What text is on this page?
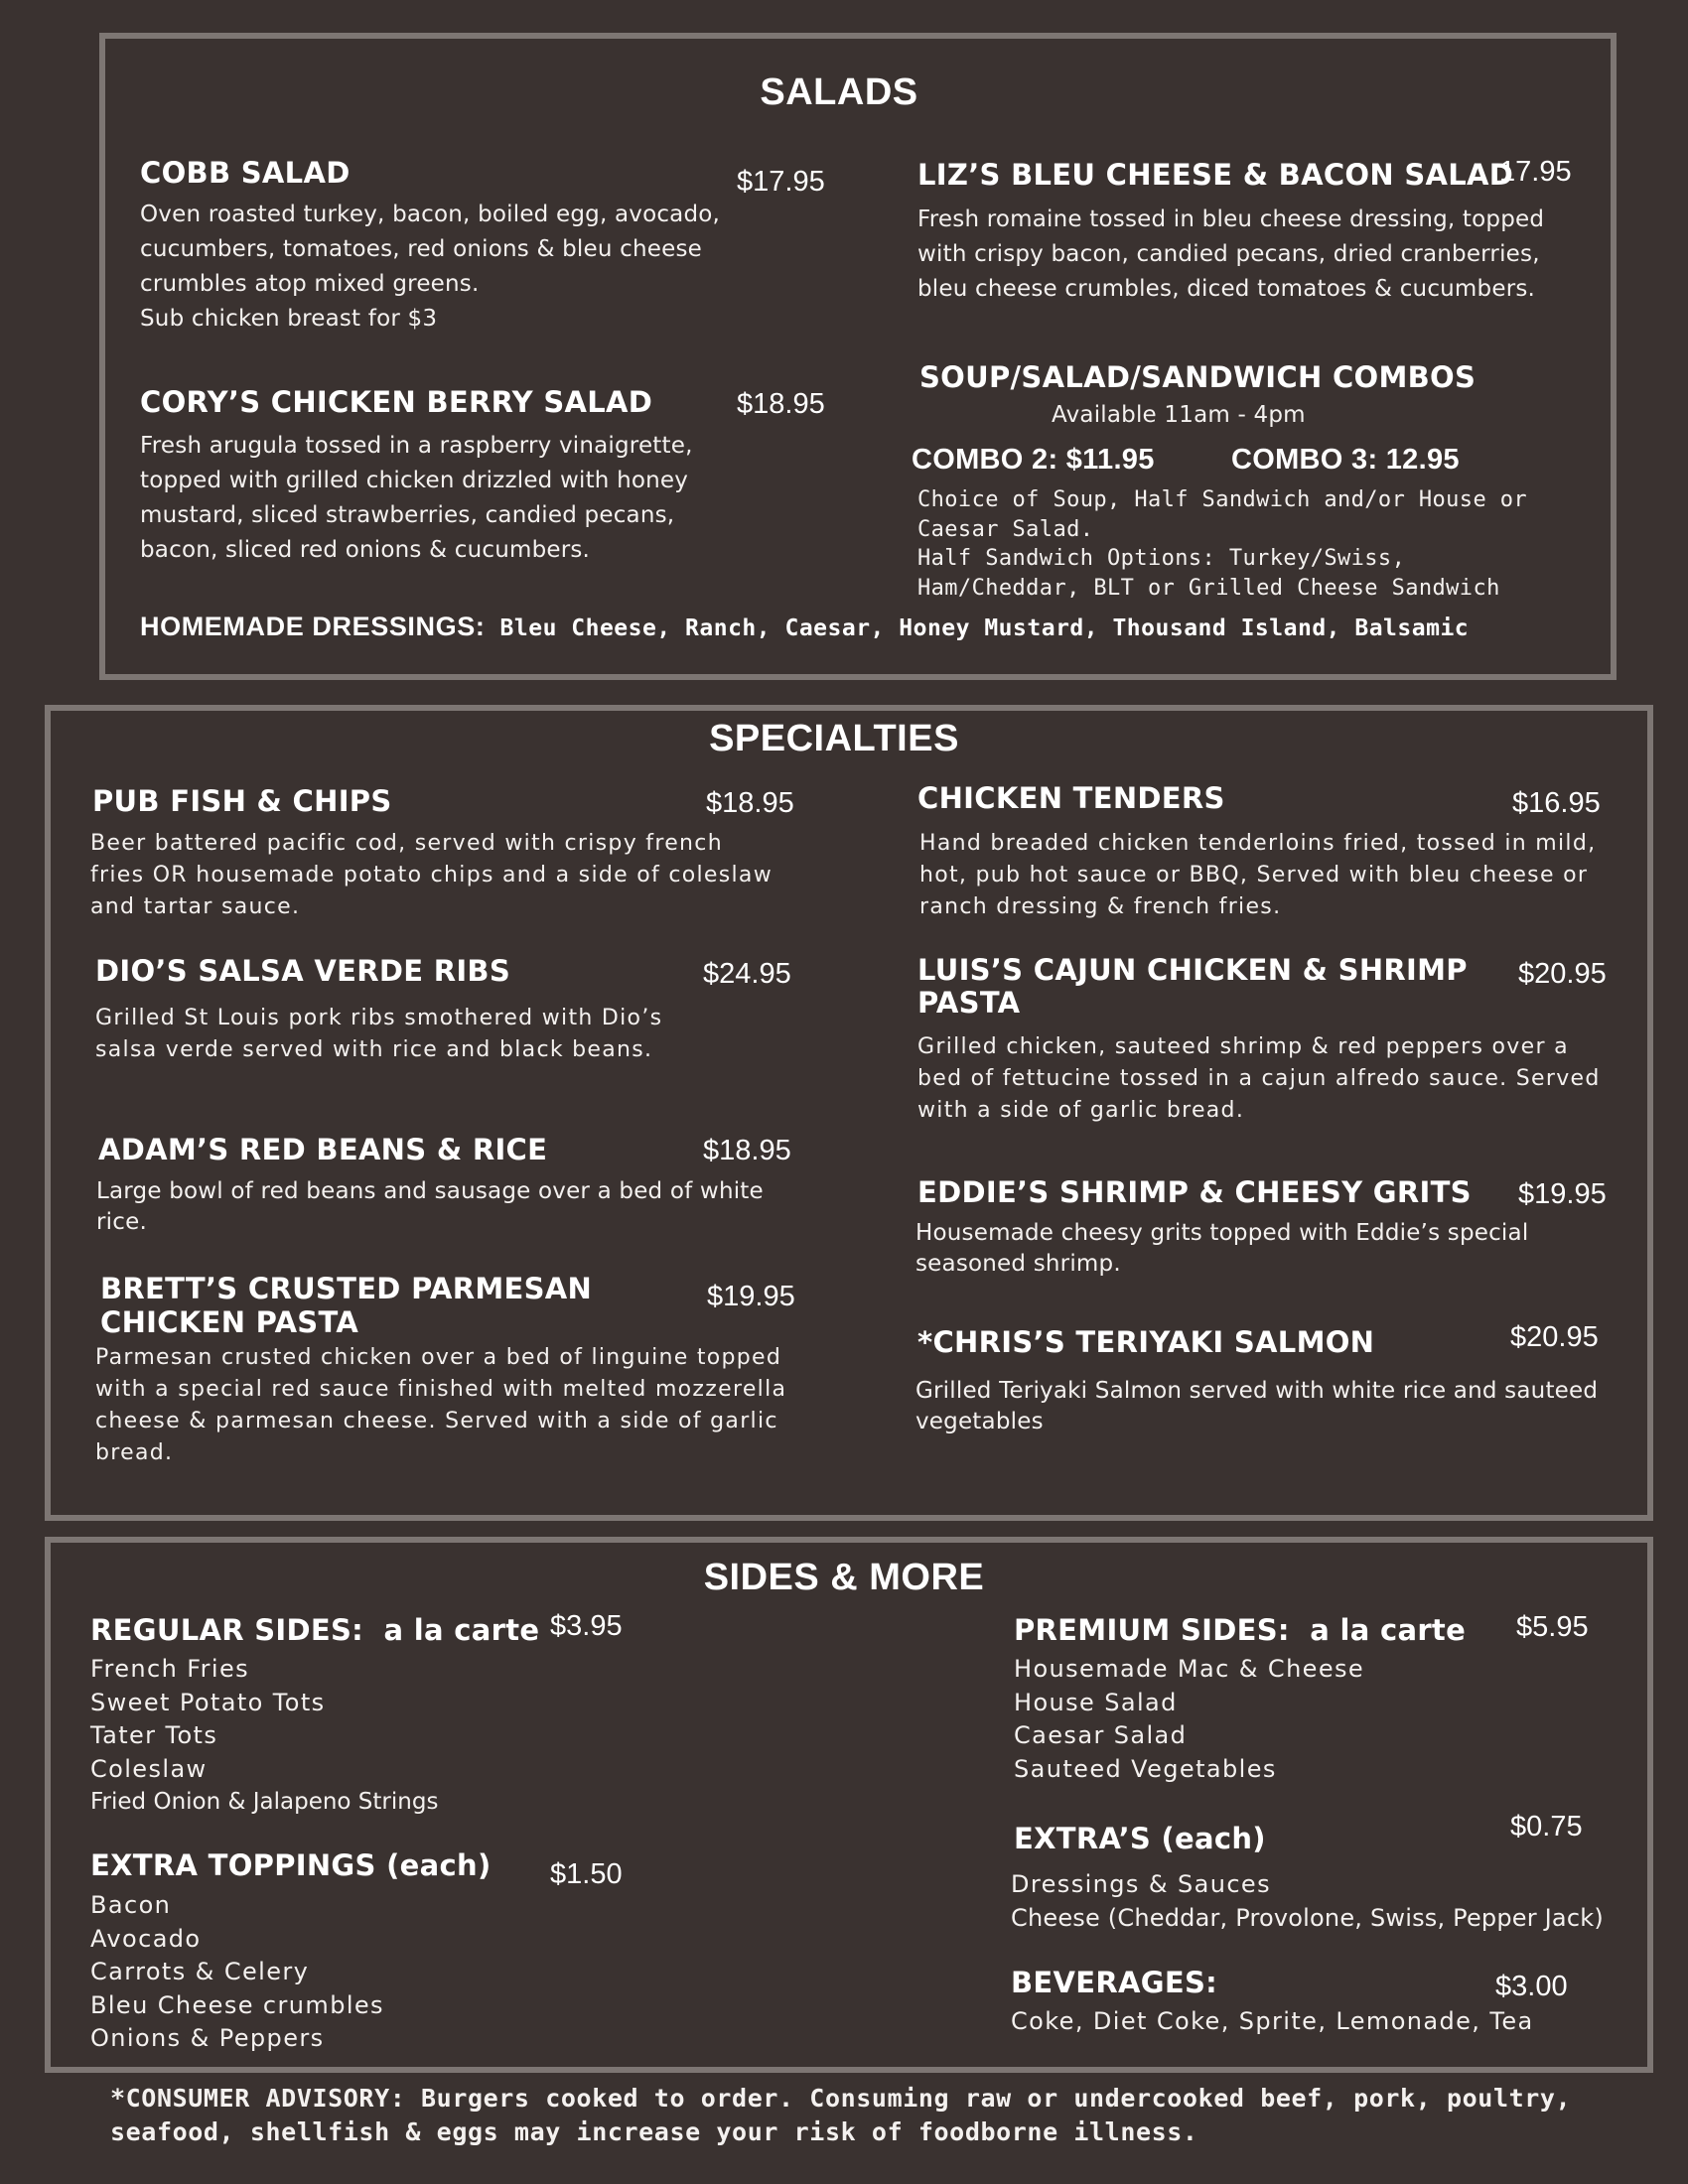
SALADS
COBB SALAD	$17.95
Oven roasted turkey, bacon, boiled egg, avocado, cucumbers, tomatoes, red onions & bleu cheese crumbles atop mixed greens.
Sub chicken breast for $3
CORY’S CHICKEN BERRY SALAD	$18.95
Fresh arugula tossed in a raspberry vinaigrette, topped with grilled chicken drizzled with honey mustard, sliced strawberries, candied pecans, bacon, sliced red onions & cucumbers.
LIZ’S BLEU CHEESE & BACON SALAD
17.95
Fresh romaine tossed in bleu cheese dressing, topped with crispy bacon, candied pecans, dried cranberries, bleu cheese crumbles, diced tomatoes & cucumbers.
SOUP/SALAD/SANDWICH COMBOS
Available 11am - 4pm
COMBO 2: $11.95	COMBO 3: 12.95
Choice of Soup, Half Sandwich and/or House or Caesar Salad.
Half Sandwich Options: Turkey/Swiss, Ham/Cheddar, BLT or Grilled Cheese Sandwich
HOMEMADE DRESSINGS: Bleu Cheese, Ranch, Caesar, Honey Mustard, Thousand Island, Balsamic
SPECIALTIES
PUB FISH & CHIPS	$18.95
Beer battered pacific cod, served with crispy french fries OR housemade potato chips and a side of coleslaw and tartar sauce.
DIO’S SALSA VERDE RIBS	$24.95
Grilled St Louis pork ribs smothered with Dio’s salsa verde served with rice and black beans.
ADAM’S RED BEANS & RICE	$18.95
Large bowl of red beans and sausage over a bed of white rice.
BRETT’S CRUSTED PARMESAN
CHICKEN PASTA
$19.95
Parmesan crusted chicken over a bed of linguine topped with a special red sauce finished with melted mozzerella cheese & parmesan cheese. Served with a side of garlic bread.
CHICKEN TENDERS	$16.95
Hand breaded chicken tenderloins fried, tossed in mild, hot, pub hot sauce or BBQ, Served with bleu cheese or ranch dressing & french fries.
LUIS’S CAJUN CHICKEN & SHRIMP
PASTA
$20.95
Grilled chicken, sauteed shrimp & red peppers over a bed of fettucine tossed in a cajun alfredo sauce. Served with a side of garlic bread.
EDDIE’S SHRIMP & CHEESY GRITS $19.95
Housemade cheesy grits topped with Eddie’s special seasoned shrimp.
*CHRIS’S TERIYAKI SALMON	$20.95
Grilled Teriyaki Salmon served with white rice and sauteed vegetables
SIDES & MORE
REGULAR SIDES: a la carte $3.95
French Fries
Sweet Potato Tots
Tater Tots
Coleslaw
Fried Onion & Jalapeno Strings
EXTRA TOPPINGS (each) $1.50
Bacon
Avocado
Carrots & Celery
Bleu Cheese crumbles
Onions & Peppers
PREMIUM SIDES: a la carte $5.95
Housemade Mac & Cheese
House Salad
Caesar Salad
Sauteed Vegetables
EXTRA’S (each)	$0.75
Dressings & Sauces
Cheese (Cheddar, Provolone, Swiss, Pepper Jack)
BEVERAGES:	$3.00
Coke, Diet Coke, Sprite, Lemonade, Tea
*CONSUMER ADVISORY: Burgers cooked to order. Consuming raw or undercooked beef, pork, poultry, seafood, shellfish & eggs may increase your risk of foodborne illness.
